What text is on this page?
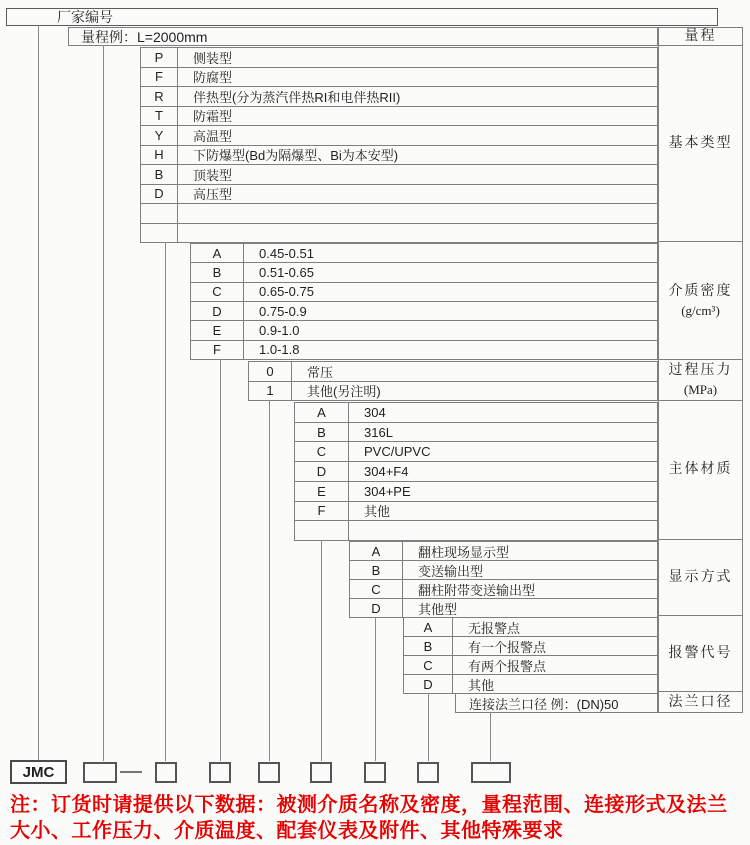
厂家编号
量程例：L=2000mm
P	侧装型
F	防腐型
R	伴热型(分为蒸汽伴热RI和电伴热RII)
T	防霜型
Y	高温型
H	下防爆型(Bd为隔爆型、Bi为本安型)
B	顶装型
D	高压型
A	0.45-0.51
B	0.51-0.65
C	0.65-0.75
D	0.75-0.9
E	0.9-1.0
F	1.0-1.8
0	常压
1	其他(另注明)
A	304
B	316L
C	PVC/UPVC
D	304+F4
E	304+PE
F	其他
A	翻柱现场显示型
B	变送输出型
C	翻柱附带变送输出型
D	其他型
A	无报警点
B	有一个报警点
C	有两个报警点
D	其他
连接法兰口径 例：(DN)50
量程
基本类型
介质密度
(g/cm³)
过程压力
(MPa)
主体材质
显示方式
报警代号
法兰口径
JMC
注：订货时请提供以下数据：被测介质名称及密度，量程范围、连接形式及法兰
大小、工作压力、介质温度、配套仪表及附件、其他特殊要求
